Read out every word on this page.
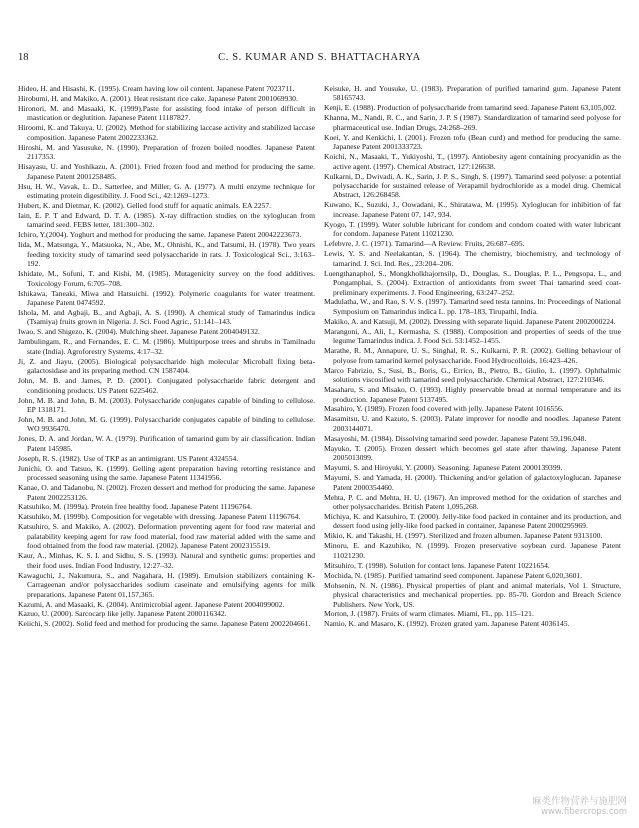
18	C. S. KUMAR AND S. BHATTACHARYA

Hideo, H. and Hisashi, K. (1995). Cream having low oil content. Japanese Patent 7023711.

Hirobumi, H. and Makiko, A. (2001). Heat resistant rice cake. Japanese Patent 2001069930.

Hironori, M. and Masaaki, K. (1999).Paste for assisting food intake of person difficult in mastication or deglutition. Japanese Patent 11187827.

Hiroomi, K. and Takuya, U. (2002). Method for stabilizing laccase activity and stabilized laccase composition. Japanese Patent 2002233362.

Hiroshi, M. and Yasusuke, N. (1990). Preparation of frozen boiled noodles. Japanese Patent 2117353.

Hisayasu, U. and Yoshikazu, A. (2001). Fried frozen food and method for producing the same. Japanese Patent 2001258485.

Hsu, H. W., Vavak, L. D., Satterlee, and Miller, G. A. (1977). A multi enzyme technique for estimating protein digestibility. J. Food Sci., 42:1269–1273.

Hubert, K. and Dietmar, K. (2002). Gelled food stuff for aquatic animals. EA 2257.

Iain, E. P. T and Edward, D. T. A. (1985). X-ray diffraction studies on the xyloglucan from tamarind seed. FEBS letter, 181:300–302.

Ichiro, Y.(2004). Yoghurt and method for producing the same. Japanese Patent 20042223673.

Iida, M., Matsunga, Y., Matsuoka, N., Abe, M., Ohnishi, K., and Tatsumi, H. (1978). Two years feeding toxicity study of tamarind seed polysaccharide in rats. J. Toxicological Sci., 3:163–192.

Ishidate, M., Sofuni, T. and Kishi, M. (1985). Mutagenicity survey on the food additives. Toxicology Forum, 6:705–708.

Ishikawa, Taneaki, Miwa and Hatsuichi. (1992). Polymeric coagulants for water treatment. Japanese Patent 0474592.

Ishola, M. and Agbaji, B., and Agbaji, A. S. (1990). A chemical study of Tamarindus indica (Tsamiya) fruits grown in Nigeria. J. Sci. Food Agric., 51:141–143.

Iwao, S. and Shigezo, K. (2004). Mulching sheet. Japanese Patent 2004049132.

Jambulingam, R., and Fernandes, E. C. M. (1986). Multipurpose trees and shrubs in Tamilnadu state (India). Agroforestry Systems, 4:17–32.

Ji, Z. and Jiayu. (2005). Biological polysaccharide high molecular Microball fixing beta- galactosidase and its preparing method. CN 1587404.

John, M. B. and James, P. D. (2001). Conjugated polysaccharide fabric detergent and conditioning products. US Patent 6225462.

John, M. B. and John, B. M. (2003). Polysaccharide conjugates capable of binding to cellulose. EP 1318171.

John, M. B. and John, M. G. (1999). Polysaccharide conjugates capable of binding to cellulose. WO 9936470.

Jones, D. A. and Jordan, W. A. (1979). Purification of tamarind gum by air classification. Indian Patent 145985.

Joseph, R. S. (1982). Use of TKP as an antimigrant. US Patent 4324554.

Junichi, O. and Tatsuo, K. (1999). Gelling agent preparation having retorting resistance and processed seasoning using the same. Japanese Patent 11341956.

Kanae, O. and Tadanobu, N. (2002). Frozen dessert and method for producing the same. Japanese Patent 2002253126.

Katsuhiko, M. (1999a). Protein free healthy food. Japanese Patent 11196764.

Katsuhiko, M. (1999b). Composition for vegetable with dressing. Japanese Patent 11196764.

Katsuhiro, S. and Makiko, A. (2002). Deformation preventing agent for food raw material and palatability keeping agent for raw food material, food raw material added with the same and food obtained from the food raw material. (2002). Japanese Patent 2002315519.

Kaur, A., Minhas, K. S. I. and Sidhu, S. S. (1993). Natural and synthetic gums: properties and their food uses. Indian Food Industry, 12:27–32.

Kawaguchi, J., Nakumura, S., and Nagahara, H. (1989). Emulsion stabilizers containing K-Carrageenan and/or polysaccharides sodium caseinate and emulsifying agents for milk preparations. Japanese Patent 01,157,365.

Kazumi, A. and Masaaki, K. (2004). Antimicrobial agent. Japanese Patent 2004099002.

Kazuo, U. (2000). Sarcocarp like jelly. Japanese Patent 2000116342.

Keiichi, S. (2002). Solid feed and method for producing the same. Japanese Patent 2002204661.

Keisuke, H. and Yousuke, U. (1983). Preparation of purified tamarind gum. Japanese Patent 58165743.

Kenji, E. (1988). Production of polysaccharide from tamarind seed. Japanese Patent 63,105,002.

Khanna, M., Nandi, R. C., and Sarin, J. P. S (1987). Standardization of tamarind seed polyose for pharmaceutical use. Indian Drugs, 24:268–269.

Koei, Y. and Kenkichi, I. (2001). Frozen tofu (Bean curd) and method for producing the same. Japanese Patent 2001333723.

Koichi, N., Masaaki, T., Yukiyoshi, T., (1997). Antiobesity agent containing procyanidin as the active agent. (1997). Chemical Abstract, 127:126638.

Kulkarni, D., Dwivadi, A. K., Sarin, J. P. S., Singh, S. (1997). Tamarind seed polyose: a potential polysaccharide for sustained release of Verapamil hydrochloride as a model drug. Chemical Abstract, 126:268458.

Kuwano, K., Suzuki, J., Oowadani, K., Shiratawa, M. (1995). Xyloglucan for inhibition of fat increase. Japanese Patent 07, 147, 934.

Kyogo, T. (1999). Water soluble lubricant for condom and condom coated with water lubricant for condom. Japanese Patent 11021230.

Lefebvre, J. C. (1971). Tamarind—A Review. Fruits, 26:687–695.

Lewis, Y. S. and Neelakantan, S. (1964). The chemistry, biochemistry, and technology of tamarind. J. Sci. Ind. Res., 23:204–206.

Luengthanaphol, S., Mongkholkhajornsilp, D., Douglas, S., Douglas, P. L., Pengsopa, L., and Pongamphai, S. (2004). Extraction of antioxidants from sweet Thai tamarind seed coat-preliminary experiments. J. Food Engineering, 63:247–252.

Madulatha, W., and Rao, S. V. S. (1997). Tamarind seed testa tannins. In: Proceedings of National Symposium on Tamarindus indica L. pp. 178–183, Tirupathi, India.

Makiko, A. and Katsuji, M. (2002). Dressing with separate liquid. Japanese Patent 2002000224.

Marangoni, A., Ali, I., Kermasha, S. (1988). Composition and properties of seeds of the true legume Tamarindus indica. J. Food Sci. 53:1452–1455.

Marathe, R. M., Annapure, U. S., Singhal, R. S., Kulkarni, P. R. (2002). Gelling behaviour of polyose from tamarind kernel polysaccharide. Food Hydrocolloids, 16:423–426.

Marco Fabrizio, S., Susi, B., Boris, G., Errico, B., Pietro, B., Giulio, L. (1997). Ophthalmic solutions viscosified with tamarind seed polysaccharide. Chemical Abstract, 127:210346.

Masaharu, S. and Misako, O. (1993). Highly preservable bread at normal temperature and its production. Japanese Patent 5137495.

Masahiro, Y. (1989). Frozen food covered with jelly. Japanese Patent 1016556.

Masamitsu, U. and Kazuto, S. (2003). Palate improver for noodle and noodles. Japanese Patent 2003144071.

Masayoshi, M. (1984). Dissolving tamarind seed powder. Japanese Patent 59,196,048.

Mayuko, T. (2005). Frozen dessert which becomes gel state after thawing. Japanese Patent 2005013099.

Mayumi, S. and Hiroyuki, Y. (2000). Seasoning. Japanese Patent 2000139399.

Mayumi, S. and Yamada, H. (2000). Thickening and/or gelation of galactoxyloglucan. Japanese Patent 2000354460.

Mehta, P. C. and Mehta, H. U. (1967). An improved method for the oxidation of starches and other polysaccharides. British Patent 1,095,268.

Michiya, K. and Katsuhiro, T. (2000). Jelly-like food packed in container and its production, and dessert food using jelly-like food packed in container, Japanese Patent 2000295969.

Mikio, K. and Takashi, H. (1997). Sterilized and frozen albumen. Japanese Patent 9313100.

Minoru, E. and Kazuhiko, N. (1999). Frozen preservative soybean curd. Japanese Patent 11021230.

Mitsuhiro, T. (1998). Solution for contact lens. Japanese Patent 10221654.

Mochida, N. (1985). Purified tamarind seed component. Japanese Patent 6,020,3601.

Mohsenin, N. N. (1986). Physical properties of plant and animal materials, Vol 1. Structure, physical characteristics and mechanical properties. pp. 85-70. Gordon and Breach Science Publishers. New York, US.

Morton, J. (1987). Fruits of warm climates. Miami, FL, pp. 115–121.

Namio, K. and Masaro, K. (1992). Frozen grated yam. Japanese Patent 4036145.

麻类作物营养与施肥网
www.fibercrops.com
